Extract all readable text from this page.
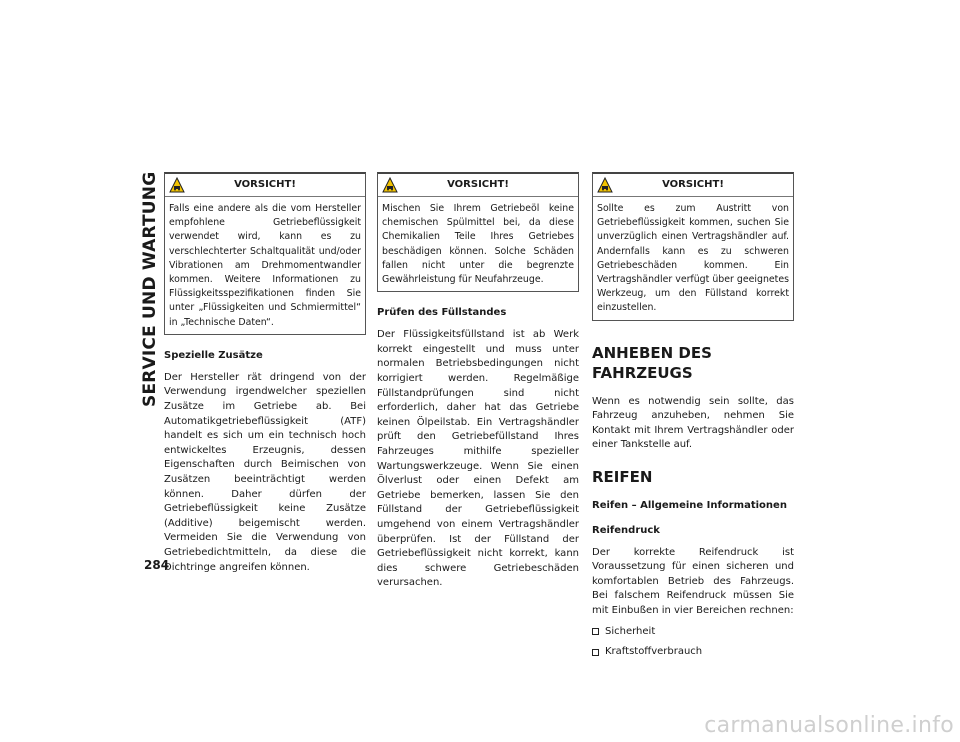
SERVICE UND WARTUNG
284
VORSICHT!
Falls eine andere als die vom Hersteller empfohlene Getriebeflüssigkeit verwendet wird, kann es zu verschlechterter Schaltqualität und/oder Vibrationen am Drehmomentwandler kommen. Weitere Informationen zu Flüssigkeitsspezifikationen finden Sie unter „Flüssigkeiten und Schmiermittel“ in „Technische Daten“.
Spezielle Zusätze

Der Hersteller rät dringend von der Verwendung irgendwelcher speziellen Zusätze im Getriebe ab. Bei Automatikgetriebeflüssigkeit (ATF) handelt es sich um ein technisch hoch entwickeltes Erzeugnis, dessen Eigenschaften durch Beimischen von Zusätzen beeinträchtigt werden können. Daher dürfen der Getriebeflüssigkeit keine Zusätze (Additive) beigemischt werden. Vermeiden Sie die Verwendung von Getriebedichtmitteln, da diese die Dichtringe angreifen können.

VORSICHT!
Mischen Sie Ihrem Getriebeöl keine chemischen Spülmittel bei, da diese Chemikalien Teile Ihres Getriebes beschädigen können. Solche Schäden fallen nicht unter die begrenzte Gewährleistung für Neufahrzeuge.
Prüfen des Füllstandes

Der Flüssigkeitsfüllstand ist ab Werk korrekt eingestellt und muss unter normalen Betriebsbedingungen nicht korrigiert werden. Regelmäßige Füllstandprüfungen sind nicht erforderlich, daher hat das Getriebe keinen Ölpeilstab. Ein Vertragshändler prüft den Getriebefüllstand Ihres Fahrzeuges mithilfe spezieller Wartungswerkzeuge. Wenn Sie einen Ölverlust oder einen Defekt am Getriebe bemerken, lassen Sie den Füllstand der Getriebeflüssigkeit umgehend von einem Vertragshändler überprüfen. Ist der Füllstand der Getriebeflüssigkeit nicht korrekt, kann dies schwere Getriebeschäden verursachen.

VORSICHT!
Sollte es zum Austritt von Getriebeflüssigkeit kommen, suchen Sie unverzüglich einen Vertragshändler auf. Andernfalls kann es zu schweren Getriebeschäden kommen. Ein Vertragshändler verfügt über geeignetes Werkzeug, um den Füllstand korrekt einzustellen.
ANHEBEN DES FAHRZEUGS

Wenn es notwendig sein sollte, das Fahrzeug anzuheben, nehmen Sie Kontakt mit Ihrem Vertragshändler oder einer Tankstelle auf.

REIFEN
Reifen – Allgemeine Informationen
Reifendruck

Der korrekte Reifendruck ist Voraussetzung für einen sicheren und komfortablen Betrieb des Fahrzeugs. Bei falschem Reifendruck müssen Sie mit Einbußen in vier Bereichen rechnen:

Sicherheit
Kraftstoffverbrauch
carmanualsonline.info
